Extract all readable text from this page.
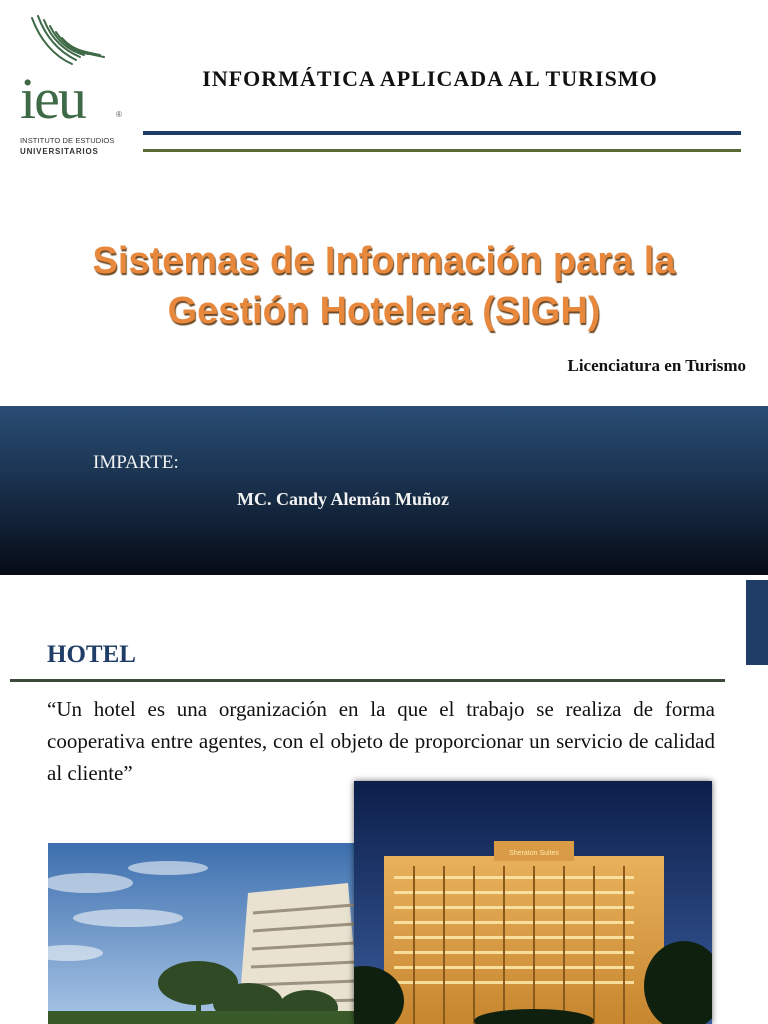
ieu	®
INSTITUTO DE ESTUDIOS
UNIVERSITARIOS
INFORMÁTICA APLICADA AL TURISMO
Sistemas de Información para la Gestión Hotelera (SIGH)
Licenciatura en Turismo
IMPARTE:
MC. Candy Alemán Muñoz
HOTEL
“Un hotel es una organización en la que el trabajo se realiza de forma cooperativa entre agentes, con el objeto de proporcionar un servicio de calidad al cliente”
Sheraton Suites
